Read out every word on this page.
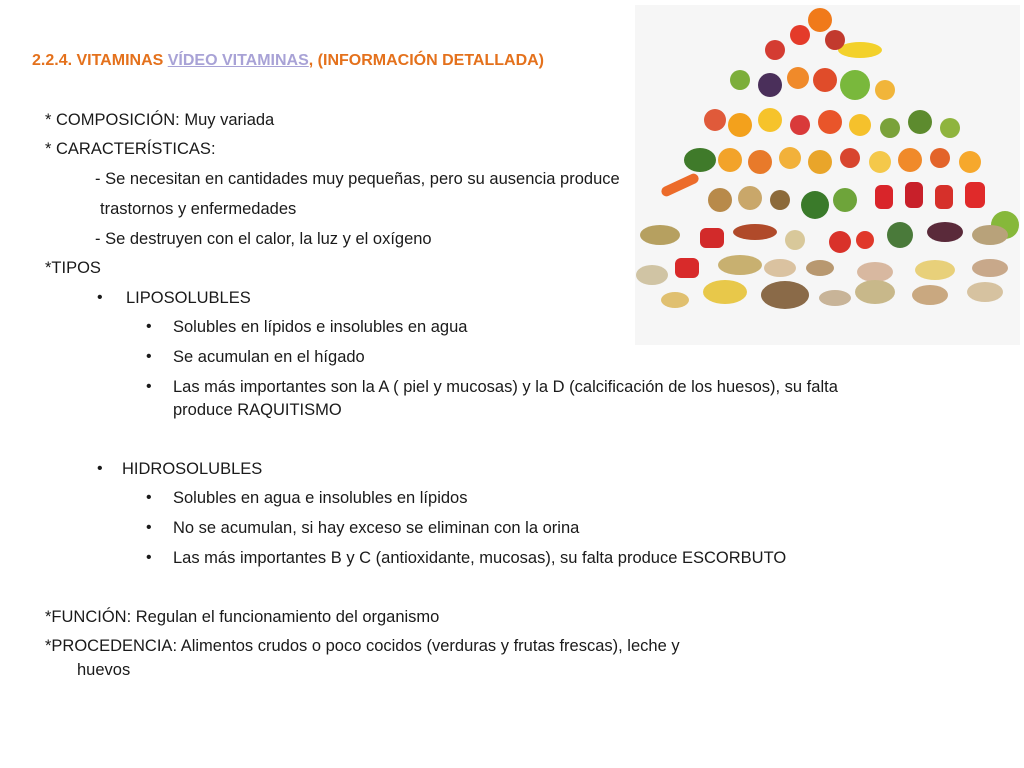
2.2.4. VITAMINAS VÍDEO VITAMINAS, (INFORMACIÓN DETALLADA)
* COMPOSICIÓN: Muy variada
* CARACTERÍSTICAS:
- Se necesitan en cantidades muy pequeñas, pero su ausencia produce
trastornos y enfermedades
- Se destruyen con el calor, la luz y el oxígeno
*TIPOS
• LIPOSOLUBLES
• Solubles en lípidos e insolubles en agua
• Se acumulan en el hígado
• Las más importantes son la A ( piel y mucosas) y la D (calcificación de los huesos), su falta
produce RAQUITISMO
• HIDROSOLUBLES
• Solubles en agua e insolubles en lípidos
• No se acumulan, si hay exceso se eliminan con la orina
• Las más importantes B y C (antioxidante, mucosas), su falta produce ESCORBUTO
*FUNCIÓN: Regulan el funcionamiento del organismo
*PROCEDENCIA: Alimentos crudos o poco cocidos (verduras y frutas frescas), leche y
huevos
